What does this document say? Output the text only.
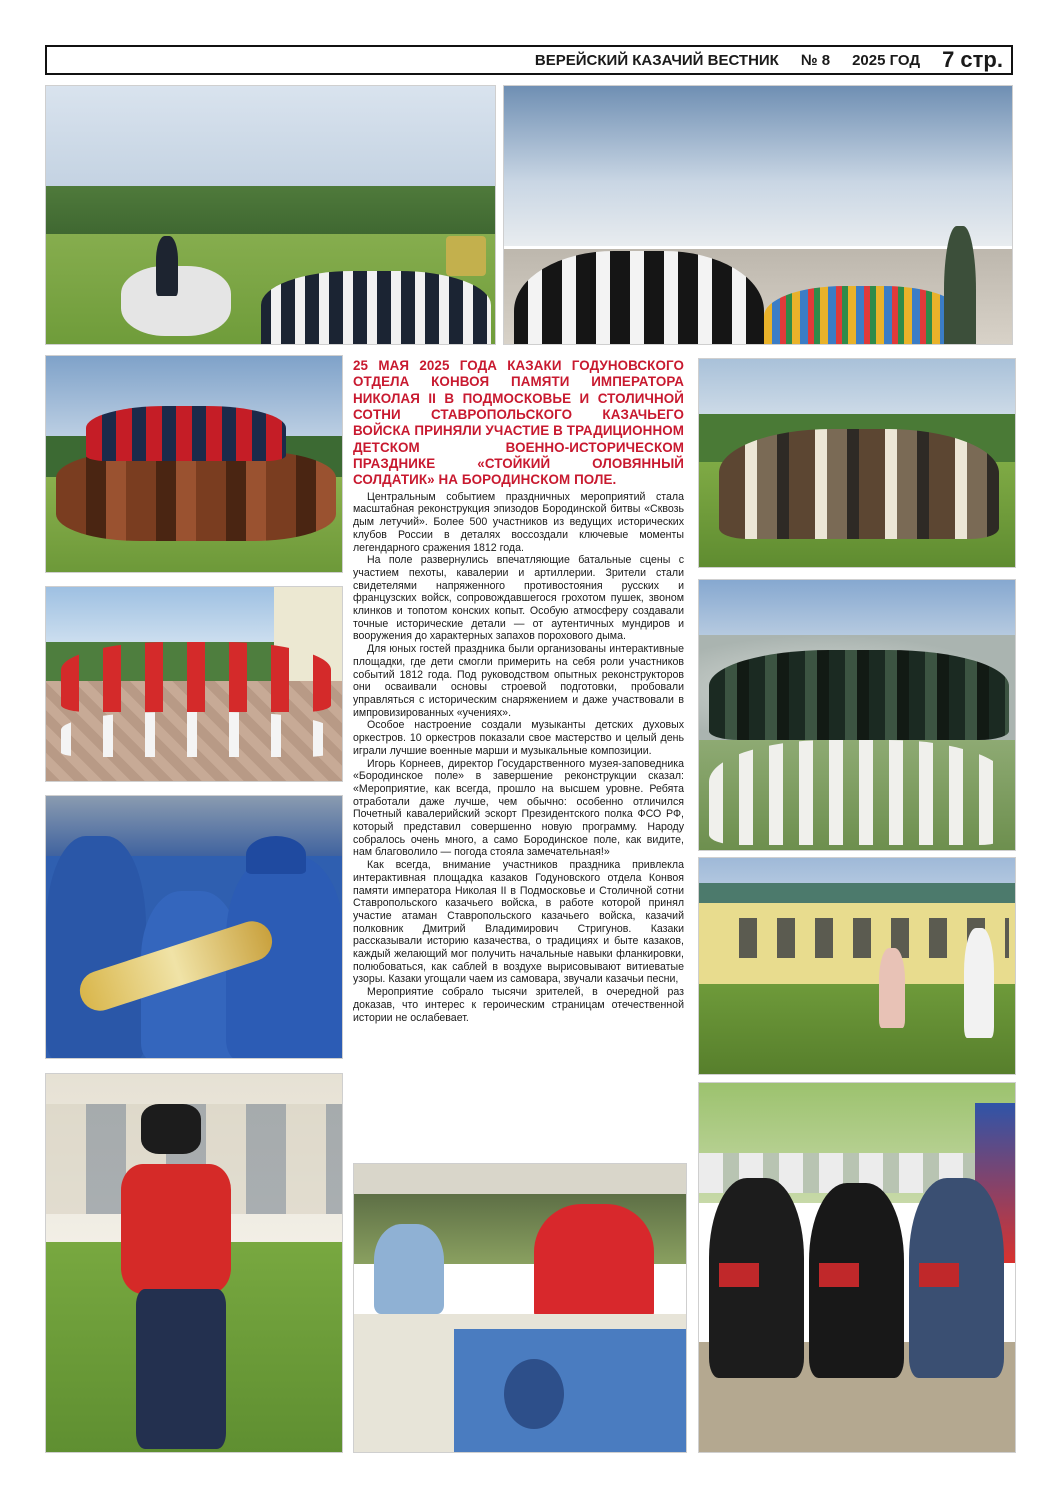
ВЕРЕЙСКИЙ КАЗАЧИЙ ВЕСТНИК № 8 2025 ГОД 7 стр.

25 МАЯ 2025 ГОДА КАЗАКИ ГОДУНОВСКОГО ОТДЕЛА КОНВОЯ ПАМЯТИ ИМПЕРАТОРА НИКОЛАЯ II В ПОДМОСКОВЬЕ И СТОЛИЧНОЙ СОТНИ СТАВРОПОЛЬСКОГО КАЗАЧЬЕГО ВОЙСКА ПРИНЯЛИ УЧАСТИЕ В ТРАДИЦИОННОМ ДЕТСКОМ ВОЕННО-ИСТОРИЧЕСКОМ ПРАЗДНИКЕ «СТОЙКИЙ ОЛОВЯННЫЙ СОЛДАТИК» НА БОРОДИНСКОМ ПОЛЕ.

Центральным событием праздничных мероприятий стала масштабная реконструкция эпизодов Бородинской битвы «Сквозь дым летучий». Более 500 участников из ведущих исторических клубов России в деталях воссоздали ключевые моменты легендарного сражения 1812 года.

На поле развернулись впечатляющие батальные сцены с участием пехоты, кавалерии и артиллерии. Зрители стали свидетелями напряженного противостояния русских и французских войск, сопровождавшегося грохотом пушек, звоном клинков и топотом конских копыт. Особую атмосферу создавали точные исторические детали — от аутентичных мундиров и вооружения до характерных запахов порохового дыма.

Для юных гостей праздника были организованы интерактивные площадки, где дети смогли примерить на себя роли участников событий 1812 года. Под руководством опытных реконструкторов они осваивали основы строевой подготовки, пробовали управляться с историческим снаряжением и даже участвовали в импровизированных «учениях».

Особое настроение создали музыканты детских духовых оркестров. 10 оркестров показали свое мастерство и целый день играли лучшие военные марши и музыкальные композиции.

Игорь Корнеев, директор Государственного музея-заповедника «Бородинское поле» в завершение реконструкции сказал: «Мероприятие, как всегда, прошло на высшем уровне. Ребята отработали даже лучше, чем обычно: особенно отличился Почетный кавалерийский эскорт Президентского полка ФСО РФ, который представил совершенно новую программу. Народу собралось очень много, а само Бородинское поле, как видите, нам благоволило — погода стояла замечательная!»

Как всегда, внимание участников праздника привлекла интерактивная площадка казаков Годуновского отдела Конвоя памяти императора Николая II в Подмосковье и Столичной сотни Ставропольского казачьего войска, в работе которой принял участие атаман Ставропольского казачьего войска, казачий полковник Дмитрий Владимирович Стригунов. Казаки рассказывали историю казачества, о традициях и быте казаков, каждый желающий мог получить начальные навыки фланкировки, полюбоваться, как саблей в воздухе вырисовывают витиеватые узоры. Казаки угощали чаем из самовара, звучали казачьи песни,

Мероприятие собрало тысячи зрителей, в очередной раз доказав, что интерес к героическим страницам отечественной истории не ослабевает.
